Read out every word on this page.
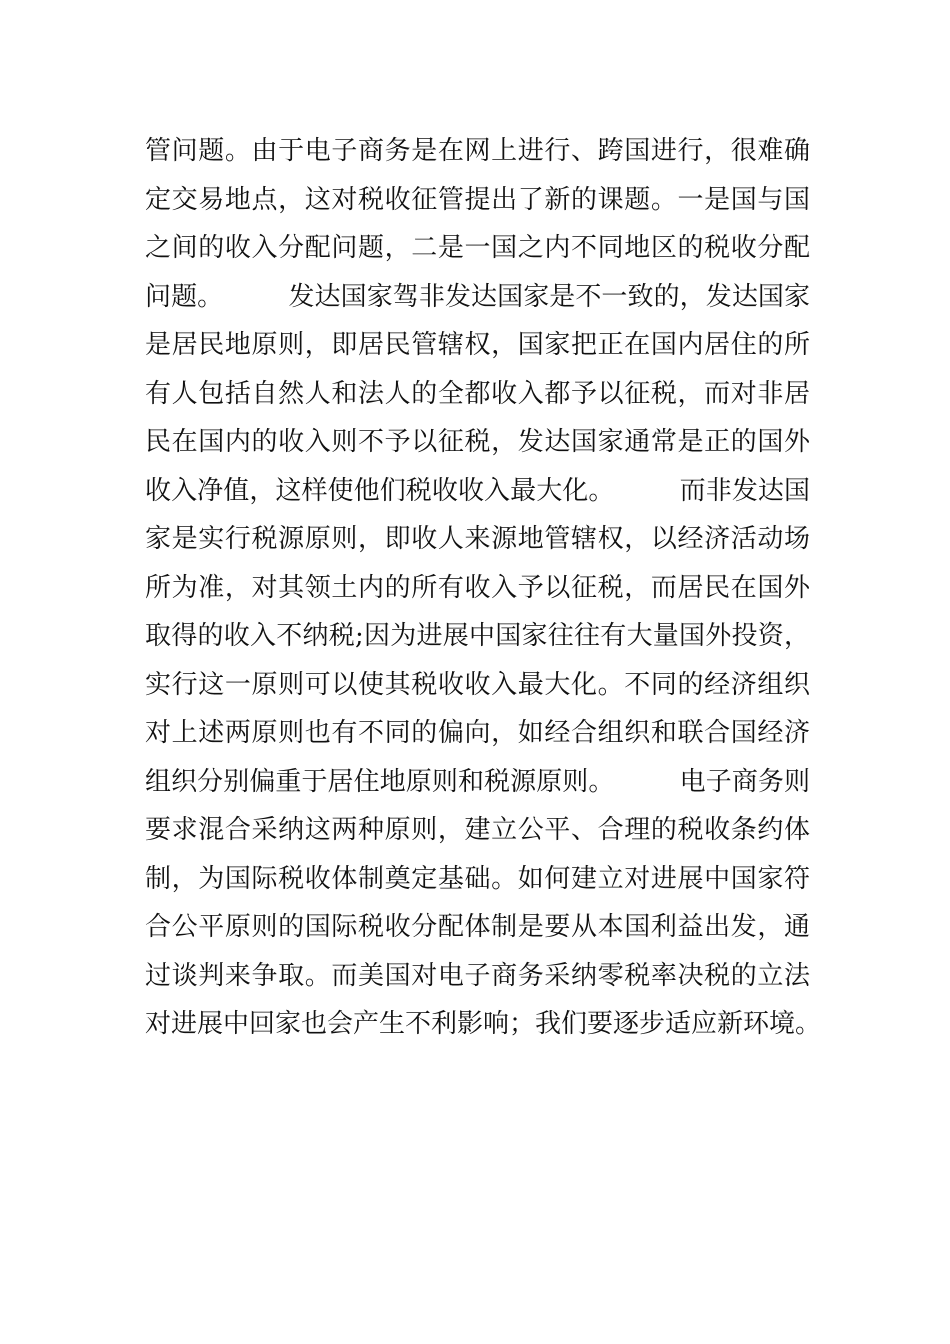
管问题。由于电子商务是在网上进行、跨国进行，很难确
定交易地点，这对税收征管提出了新的课题。一是国与国
之间的收入分配问题，二是一国之内不同地区的税收分配
问题。　　　发达国家驾非发达国家是不一致的，发达国家
是居民地原则，即居民管辖权，国家把正在国内居住的所
有人包括自然人和法人的全都收入都予以征税，而对非居
民在国内的收入则不予以征税，发达国家通常是正的国外
收入净值，这样使他们税收收入最大化。　　　而非发达国
家是实行税源原则，即收人来源地管辖权，以经济活动场
所为准，对其领土内的所有收入予以征税，而居民在国外
取得的收入不纳税;因为进展中国家往往有大量国外投资，
实行这一原则可以使其税收收入最大化。不同的经济组织
对上述两原则也有不同的偏向，如经合组织和联合国经济
组织分别偏重于居住地原则和税源原则。　　　电子商务则
要求混合采纳这两种原则，建立公平、合理的税收条约体
制，为国际税收体制奠定基础。如何建立对进展中国家符
合公平原则的国际税收分配体制是要从本国利益出发，通
过谈判来争取。而美国对电子商务采纳零税率决税的立法
对进展中回家也会产生不利影响；我们要逐步适应新环境。
